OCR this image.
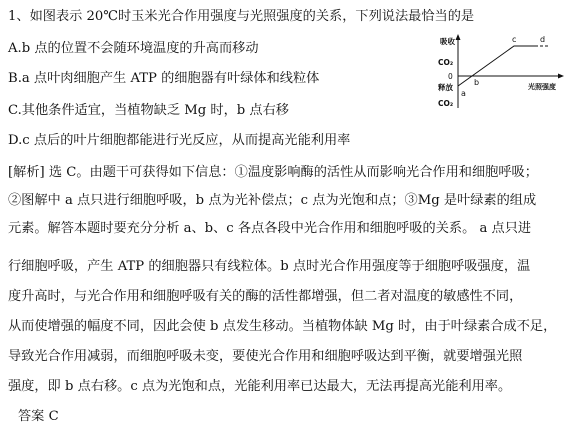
1、如图表示 20℃时玉米光合作用强度与光照强度的关系，下列说法最恰当的是
A.b 点的位置不会随环境温度的升高而移动
B.a 点叶肉细胞产生 ATP 的细胞器有叶绿体和线粒体
C.其他条件适宜，当植物缺乏 Mg 时，b 点右移
D.c 点后的叶片细胞都能进行光反应，从而提高光能利用率
吸收
CO₂
0
释放
CO₂
光照强度
a
b
c	d
[解析] 选 C。由题干可获得如下信息：①温度影响酶的活性从而影响光合作用和细胞呼吸；
②图解中 a 点只进行细胞呼吸，b 点为光补偿点；c 点为光饱和点；③Mg 是叶绿素的组成
元素。解答本题时要充分分析 a、b、c 各点各段中光合作用和细胞呼吸的关系。 a 点只进
行细胞呼吸，产生 ATP 的细胞器只有线粒体。b 点时光合作用强度等于细胞呼吸强度，温
度升高时，与光合作用和细胞呼吸有关的酶的活性都增强，但二者对温度的敏感性不同，
从而使增强的幅度不同，因此会使 b 点发生移动。当植物体缺 Mg 时，由于叶绿素合成不足，
导致光合作用减弱，而细胞呼吸未变，要使光合作用和细胞呼吸达到平衡，就要增强光照
强度，即 b 点右移。c 点为光饱和点，光能利用率已达最大，无法再提高光能利用率。
答案 C
